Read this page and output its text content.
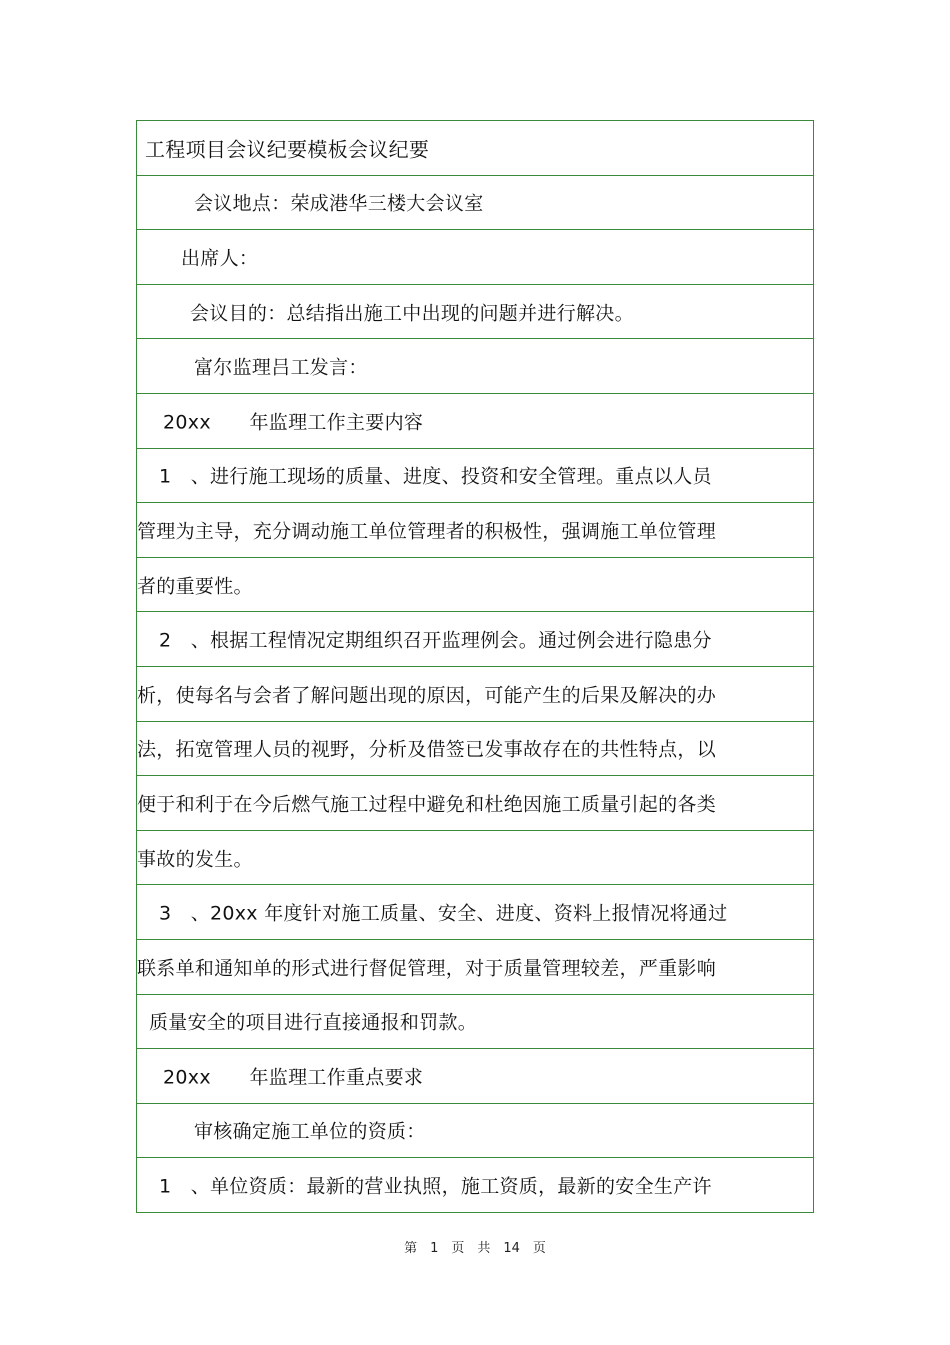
工程项目会议纪要模板会议纪要
会议地点：荣成港华三楼大会议室
出席人：
会议目的：总结指出施工中出现的问题并进行解决。
富尔监理吕工发言：
20xx　　年监理工作主要内容
1　、进行施工现场的质量、进度、投资和安全管理。重点以人员
管理为主导，充分调动施工单位管理者的积极性，强调施工单位管理
者的重要性。
2　、根据工程情况定期组织召开监理例会。通过例会进行隐患分
析，使每名与会者了解问题出现的原因，可能产生的后果及解决的办
法，拓宽管理人员的视野，分析及借签已发事故存在的共性特点，以
便于和利于在今后燃气施工过程中避免和杜绝因施工质量引起的各类
事故的发生。
3　、20xx 年度针对施工质量、安全、进度、资料上报情况将通过
联系单和通知单的形式进行督促管理，对于质量管理较差，严重影响
质量安全的项目进行直接通报和罚款。
20xx　　年监理工作重点要求
审核确定施工单位的资质：
1　、单位资质：最新的营业执照，施工资质，最新的安全生产许
第　1　页　共　14　页
